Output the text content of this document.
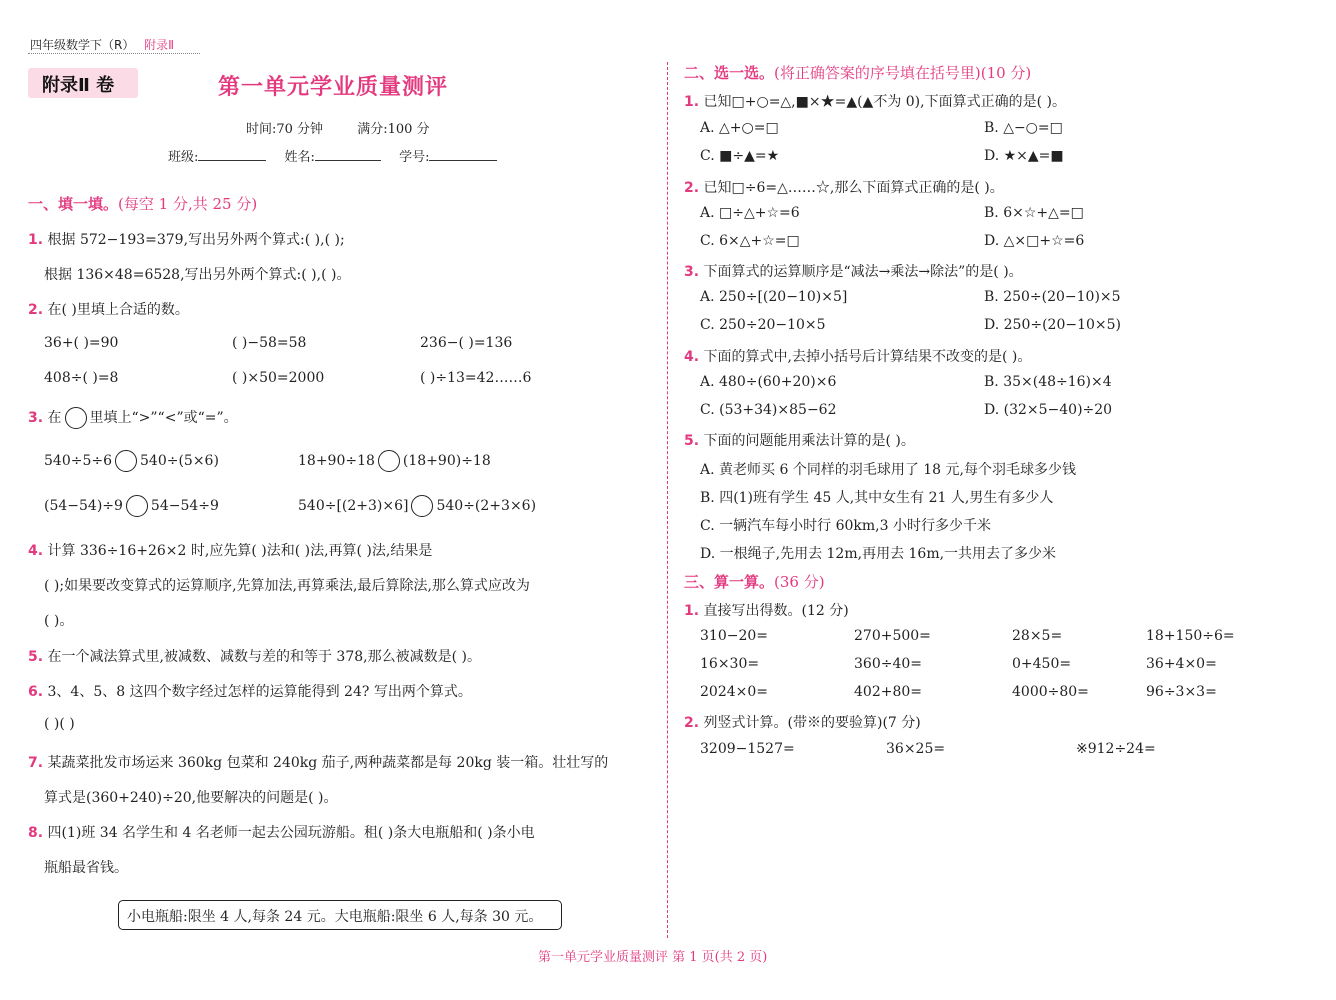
四年级数学下（R） 附录Ⅱ
附录Ⅱ 卷	第一单元学业质量测评
时间:70 分钟	满分:100 分
班级:	姓名:	学号:
一、填一填。(每空 1 分,共 25 分)
1. 根据 572−193=379,写出另外两个算式:( ),( );
根据 136×48=6528,写出另外两个算式:( ),( )。
2. 在( )里填上合适的数。
36+( )=90	( )−58=58	236−( )=136
408÷( )=8	( )×50=2000	( )÷13=42……6
3. 在 里填上“>”“<”或“=”。
540÷5÷6 540÷(5×6)	18+90÷18 (18+90)÷18
(54−54)÷9 54−54÷9	540÷[(2+3)×6] 540÷(2+3×6)
4. 计算 336÷16+26×2 时,应先算( )法和( )法,再算( )法,结果是
( );如果要改变算式的运算顺序,先算加法,再算乘法,最后算除法,那么算式应改为
( )。
5. 在一个减法算式里,被减数、减数与差的和等于 378,那么被减数是( )。
6. 3、4、5、8 这四个数字经过怎样的运算能得到 24? 写出两个算式。
( )( )
7. 某蔬菜批发市场运来 360kg 包菜和 240kg 茄子,两种蔬菜都是每 20kg 装一箱。壮壮写的
算式是(360+240)÷20,他要解决的问题是( )。
8. 四(1)班 34 名学生和 4 名老师一起去公园玩游船。租( )条大电瓶船和( )条小电
瓶船最省钱。
小电瓶船:限坐 4 人,每条 24 元。大电瓶船:限坐 6 人,每条 30 元。
二、选一选。(将正确答案的序号填在括号里)(10 分)
1. 已知□+○=△,■×★=▲(▲不为 0),下面算式正确的是( )。
A. △+○=□	B. △−○=□
C. ■÷▲=★	D. ★×▲=■
2. 已知□÷6=△……☆,那么下面算式正确的是( )。
A. □÷△+☆=6	B. 6×☆+△=□
C. 6×△+☆=□	D. △×□+☆=6
3. 下面算式的运算顺序是“减法→乘法→除法”的是( )。
A. 250÷[(20−10)×5]	B. 250÷(20−10)×5
C. 250÷20−10×5	D. 250÷(20−10×5)
4. 下面的算式中,去掉小括号后计算结果不改变的是( )。
A. 480÷(60+20)×6	B. 35×(48÷16)×4
C. (53+34)×85−62	D. (32×5−40)÷20
5. 下面的问题能用乘法计算的是( )。
A. 黄老师买 6 个同样的羽毛球用了 18 元,每个羽毛球多少钱
B. 四(1)班有学生 45 人,其中女生有 21 人,男生有多少人
C. 一辆汽车每小时行 60km,3 小时行多少千米
D. 一根绳子,先用去 12m,再用去 16m,一共用去了多少米
三、算一算。(36 分)
1. 直接写出得数。(12 分)
310−20=	270+500=	28×5=	18+150÷6=
16×30=	360÷40=	0+450=	36+4×0=
2024×0=	402+80=	4000÷80=	96÷3×3=
2. 列竖式计算。(带※的要验算)(7 分)
3209−1527=	36×25=	※912÷24=
第一单元学业质量测评 第 1 页(共 2 页)
